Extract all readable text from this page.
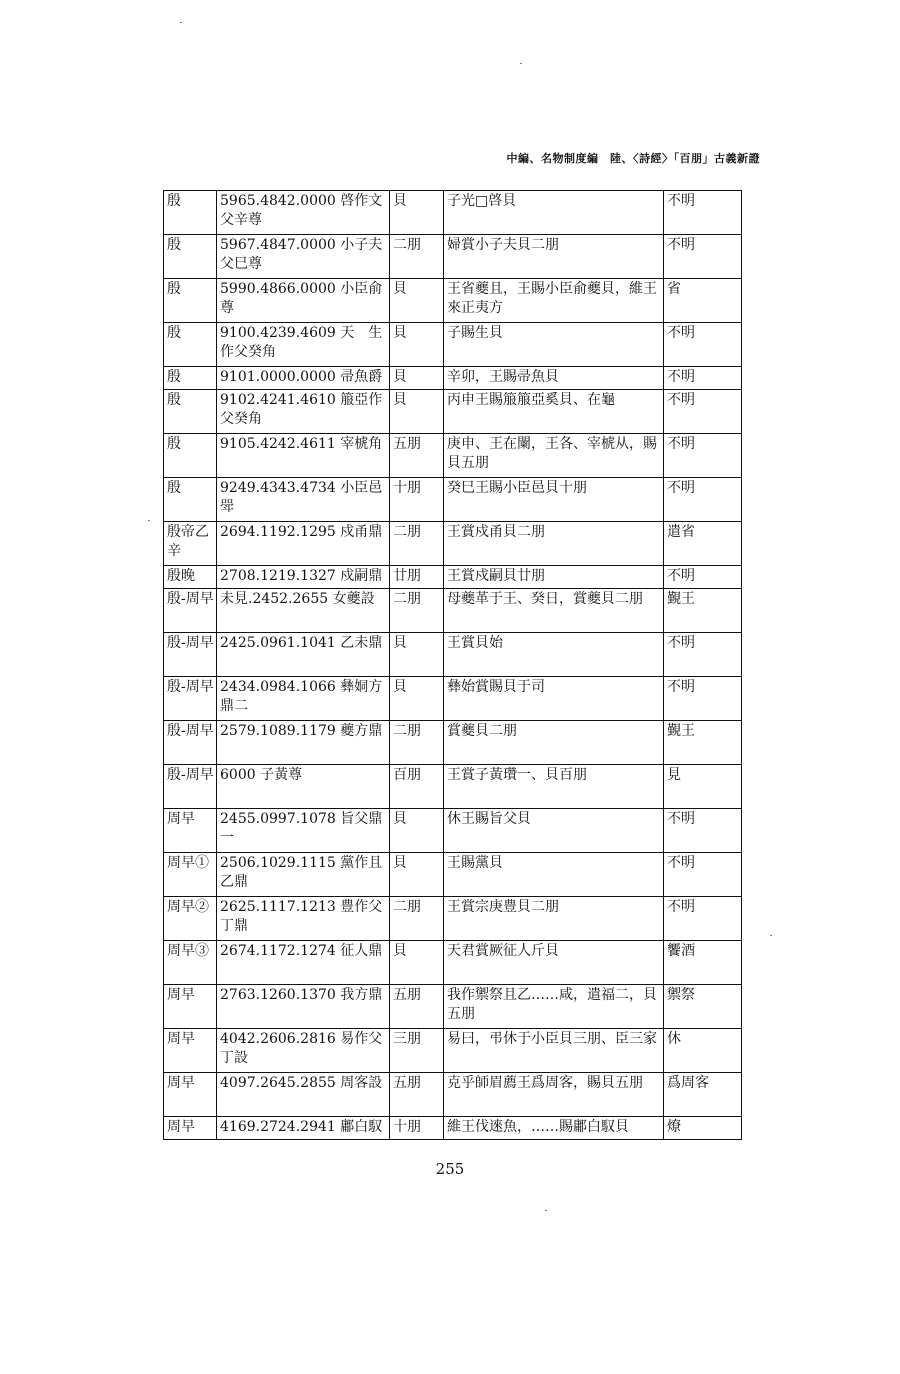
中編、名物制度編　陸、〈詩經〉「百朋」古義新證
殷	5965.4842.0000 啓作文父辛尊	貝	子光□啓貝	不明
殷	5967.4847.0000 小子夫父巳尊	二朋	婦賞小子夫貝二朋	不明
殷	5990.4866.0000 小臣俞尊	貝	王省夔且，王賜小臣俞夔貝，維王來正夷方	省
殷	9100.4239.4609 天　生作父癸角	貝	子賜生貝	不明
殷	9101.0000.0000 帚魚爵	貝	辛卯，王賜帚魚貝	不明
殷	9102.4241.4610 箙亞作父癸角	貝	丙申王賜箙箙亞奚貝、在龜	不明
殷	9105.4242.4611 宰椃角	五朋	庚申、王在闌，王各、宰椃从，賜貝五朋	不明
殷	9249.4343.4734 小臣邑斝	十朋	癸巳王賜小臣邑貝十朋	不明
殷帝乙辛	2694.1192.1295 戍甬鼎	二朋	王賞戍甬貝二朋	遣省
殷晚	2708.1219.1327 戍嗣鼎	廿朋	王賞戍嗣貝廿朋	不明
殷-周早	未見.2452.2655 女夔設	二朋	母夔革于王、癸日，賞夔貝二朋	覲王
殷-周早	2425.0961.1041 乙未鼎	貝	王賞貝始	不明
殷-周早	2434.0984.1066 彝姛方鼎二	貝	彝始賞賜貝于司	不明
殷-周早	2579.1089.1179 夔方鼎	二朋	賞夔貝二朋	覲王
殷-周早	6000 子黃尊	百朋	王賞子黃瓚一、貝百朋	見
周早	2455.0997.1078 旨父鼎一	貝	休王賜旨父貝	不明
周早①	2506.1029.1115 黨作且乙鼎	貝	王賜黨貝	不明
周早②	2625.1117.1213 豊作父丁鼎	二朋	王賞宗庚豊貝二朋	不明
周早③	2674.1172.1274 征人鼎	貝	天君賞厥征人斤貝	饗酒
周早	2763.1260.1370 我方鼎	五朋	我作禦祭且乙……咸，遣福二，貝五朋	禦祭
周早	4042.2606.2816 易作父丁設	三朋	易曰，弔休于小臣貝三朋、臣三家	休
周早	4097.2645.2855 周客設	五朋	克乎師眉薦王爲周客，賜貝五朋	爲周客
周早	4169.2724.2941 鄘白馭	十朋	維王伐逨魚，……賜鄘白馭貝	燎
255
